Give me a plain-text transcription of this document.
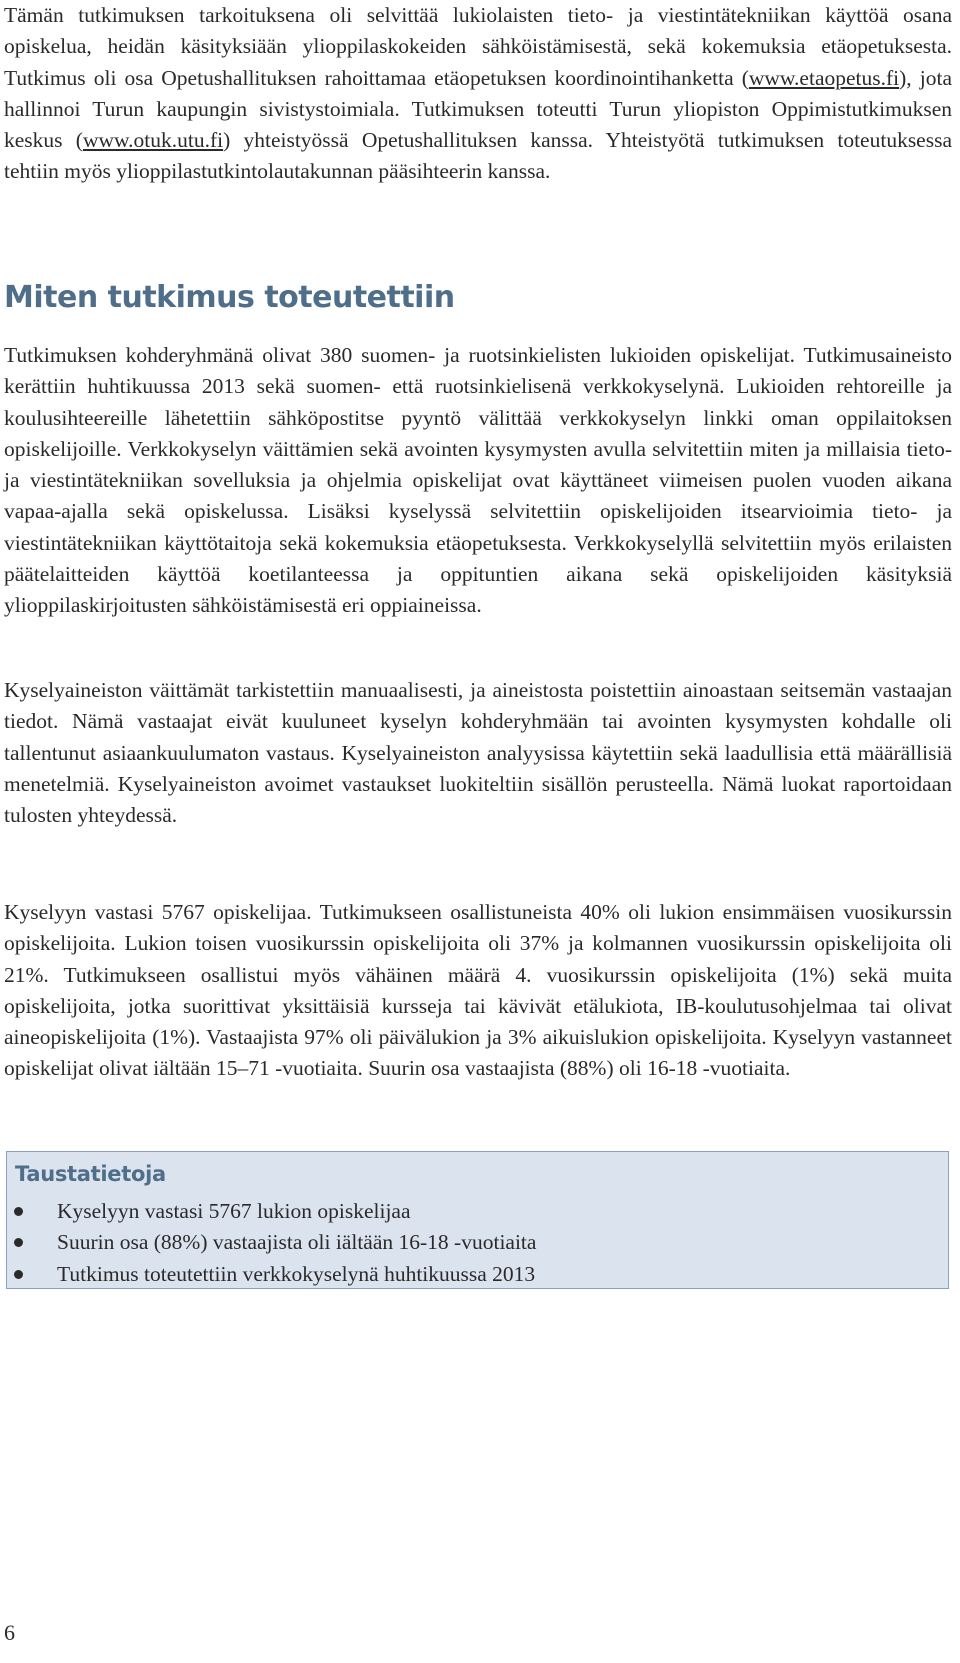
Tämän tutkimuksen tarkoituksena oli selvittää lukiolaisten tieto- ja viestintätekniikan käyttöä osana opiskelua, heidän käsityksiään ylioppilaskokeiden sähköistämisestä, sekä kokemuksia etäopetuksesta. Tutkimus oli osa Opetushallituksen rahoittamaa etäopetuksen koordinointihanketta (www.etaopetus.fi), jota hallinnoi Turun kaupungin sivistystoimiala. Tutkimuksen toteutti Turun yliopiston Oppimistutkimuksen keskus (www.otuk.utu.fi) yhteistyössä Opetushallituksen kanssa. Yhteistyötä tutkimuksen toteutuksessa tehtiin myös ylioppilastutkintolautakunnan pääsihteerin kanssa.

Miten tutkimus toteutettiin

Tutkimuksen kohderyhmänä olivat 380 suomen- ja ruotsinkielisten lukioiden opiskelijat. Tutkimusaineisto kerättiin huhtikuussa 2013 sekä suomen- että ruotsinkielisenä verkkokyselynä. Lukioiden rehtoreille ja koulusihteereille lähetettiin sähköpostitse pyyntö välittää verkkokyselyn linkki oman oppilaitoksen opiskelijoille. Verkkokyselyn väittämien sekä avointen kysymysten avulla selvitettiin miten ja millaisia tieto- ja viestintätekniikan sovelluksia ja ohjelmia opiskelijat ovat käyttäneet viimeisen puolen vuoden aikana vapaa-ajalla sekä opiskelussa. Lisäksi kyselyssä selvitettiin opiskelijoiden itsearvioimia tieto- ja viestintätekniikan käyttötaitoja sekä kokemuksia etäopetuksesta. Verkkokyselyllä selvitettiin myös erilaisten päätelaitteiden käyttöä koetilanteessa ja oppituntien aikana sekä opiskelijoiden käsityksiä ylioppilaskirjoitusten sähköistämisestä eri oppiaineissa.

Kyselyaineiston väittämät tarkistettiin manuaalisesti, ja aineistosta poistettiin ainoastaan seitsemän vastaajan tiedot. Nämä vastaajat eivät kuuluneet kyselyn kohderyhmään tai avointen kysymysten kohdalle oli tallentunut asiaankuulumaton vastaus. Kyselyaineiston analyysissa käytettiin sekä laadullisia että määrällisiä menetelmiä. Kyselyaineiston avoimet vastaukset luokiteltiin sisällön perusteella. Nämä luokat raportoidaan tulosten yhteydessä.

Kyselyyn vastasi 5767 opiskelijaa. Tutkimukseen osallistuneista 40% oli lukion ensimmäisen vuosikurssin opiskelijoita. Lukion toisen vuosikurssin opiskelijoita oli 37% ja kolmannen vuosikurssin opiskelijoita oli 21%. Tutkimukseen osallistui myös vähäinen määrä 4. vuosikurssin opiskelijoita (1%) sekä muita opiskelijoita, jotka suorittivat yksittäisiä kursseja tai kävivät etälukiota, IB-koulutusohjelmaa tai olivat aineopiskelijoita (1%). Vastaajista 97% oli päivälukion ja 3% aikuislukion opiskelijoita. Kyselyyn vastanneet opiskelijat olivat iältään 15–71 -vuotiaita. Suurin osa vastaajista (88%) oli 16-18 -vuotiaita.

Taustatietoja
Kyselyyn vastasi 5767 lukion opiskelijaa
Suurin osa (88%) vastaajista oli iältään 16-18 -vuotiaita
Tutkimus toteutettiin verkkokyselynä huhtikuussa 2013
6
